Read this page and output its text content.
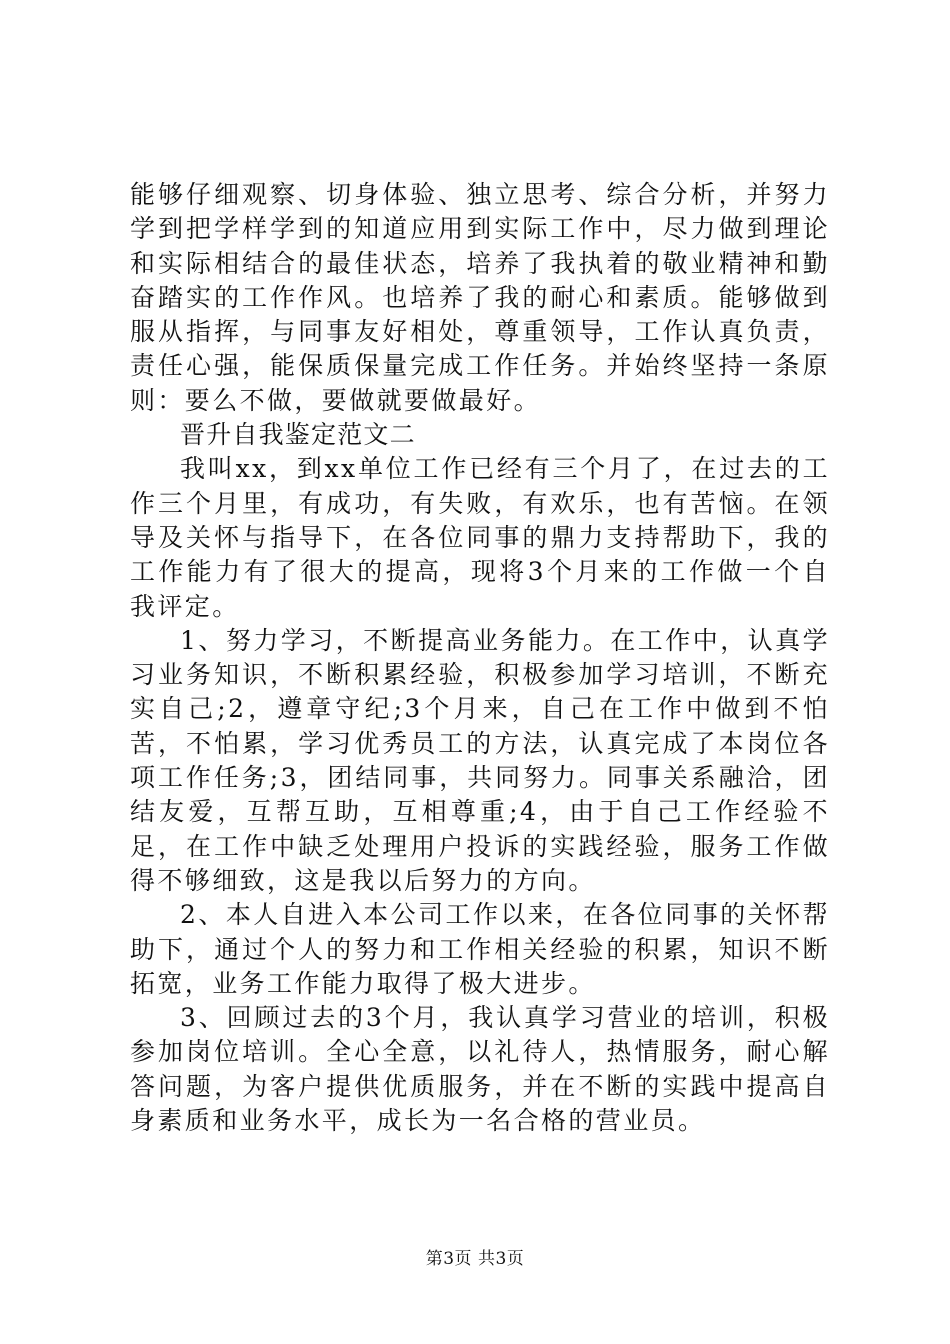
能够仔细观察、切身体验、独立思考、综合分析，并努力学到把学样学到的知道应用到实际工作中，尽力做到理论和实际相结合的最佳状态，培养了我执着的敬业精神和勤奋踏实的工作作风。也培养了我的耐心和素质。能够做到服从指挥，与同事友好相处，尊重领导，工作认真负责，责任心强，能保质保量完成工作任务。并始终坚持一条原则：要么不做，要做就要做最好。

晋升自我鉴定范文二

我叫xx，到xx单位工作已经有三个月了，在过去的工作三个月里，有成功，有失败，有欢乐，也有苦恼。在领导及关怀与指导下，在各位同事的鼎力支持帮助下，我的工作能力有了很大的提高，现将3个月来的工作做一个自我评定。

1、努力学习，不断提高业务能力。在工作中，认真学习业务知识，不断积累经验，积极参加学习培训，不断充实自己;2，遵章守纪;3个月来，自己在工作中做到不怕苦，不怕累，学习优秀员工的方法，认真完成了本岗位各项工作任务;3，团结同事，共同努力。同事关系融洽，团结友爱，互帮互助，互相尊重;4，由于自己工作经验不足，在工作中缺乏处理用户投诉的实践经验，服务工作做得不够细致，这是我以后努力的方向。

2、本人自进入本公司工作以来，在各位同事的关怀帮助下，通过个人的努力和工作相关经验的积累，知识不断拓宽，业务工作能力取得了极大进步。

3、回顾过去的3个月，我认真学习营业的培训，积极参加岗位培训。全心全意，以礼待人，热情服务，耐心解答问题，为客户提供优质服务，并在不断的实践中提高自身素质和业务水平，成长为一名合格的营业员。

第3页 共3页
